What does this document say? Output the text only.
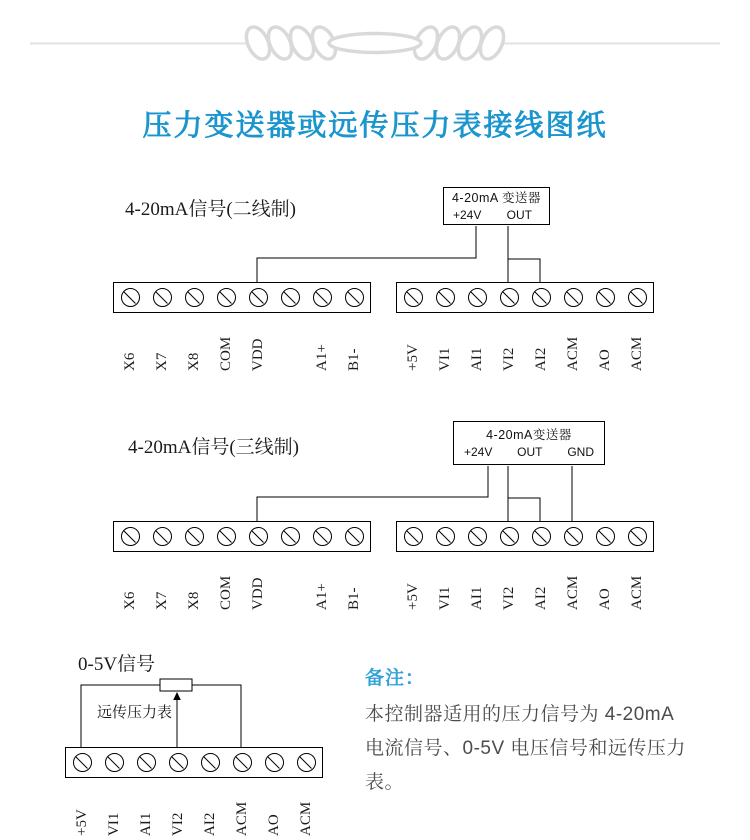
压力变送器或远传压力表接线图纸
4-20mA信号(二线制)
4-20mA 变送器
+24V OUT
X6 X7 X8 COM VDD	A1+ B1-	+5V VI1 AI1 VI2 AI2 ACM AO ACM
4-20mA信号(三线制)
4-20mA变送器
+24V OUT GND
X6 X7 X8 COM VDD	A1+ B1-	+5V VI1 AI1 VI2 AI2 ACM AO ACM
0-5V信号
远传压力表
+5V VI1 AI1 VI2 AI2 ACM AO ACM
备注：
本控制器适用的压力信号为 4-20mA
电流信号、0-5V 电压信号和远传压力
表。
